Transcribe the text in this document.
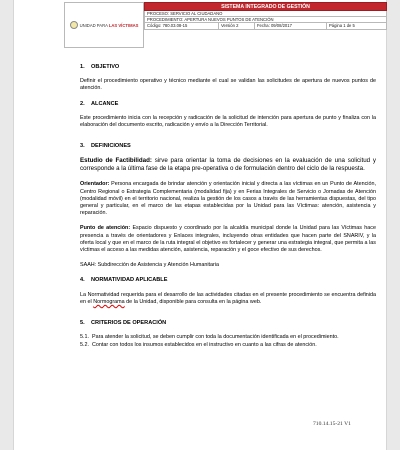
UNIDAD PARA LAS VÍCTIMAS
SISTEMA INTEGRADO DE GESTIÓN
PROCESO: SERVICIO AL CIUDADANO
PROCEDIMIENTO: APERTURA NUEVOS PUNTOS DE ATENCIÓN
Código: 780.03.08-15	Versión 2	Fecha: 09/08/2017	Página 1 de 5
1. OBJETIVO
Definir el procedimiento operativo y técnico mediante el cual se validan las solicitudes de apertura de nuevos puntos de atención.
2. ALCANCE
Este procedimiento inicia con la recepción y radicación de la solicitud de intención para apertura de punto y finaliza con la elaboración del documento escrito, radicación y envío a la Dirección Territorial.
3. DEFINICIONES
Estudio de Factibilidad: sirve para orientar la toma de decisiones en la evaluación de una solicitud y corresponde a la última fase de la etapa pre-operativa o de formulación dentro del ciclo de la respuesta.
Orientador: Persona encargada de brindar atención y orientación inicial y directa a las víctimas en un Punto de Atención, Centro Regional o Estrategia Complementaria (modalidad fija) y en Ferias Integrales de Servicio o Jornadas de Atención (modalidad móvil) en el territorio nacional, realiza la gestión de los casos a través de las herramientas dispuestas, del tipo general y particular, en el marco de las etapas establecidas por la Unidad para las Víctimas: atención, asistencia y reparación.
Punto de atención: Espacio dispuesto y coordinado por la alcaldía municipal donde la Unidad para las Víctimas hace presencia a través de orientadores y Enlaces integrales, incluyendo otras entidades que hacen parte del SNARIV, y la oferta local y que en el marco de la ruta integral el objetivo es fortalecer y generar una estrategia integral, que permita a las víctimas el acceso a las medidas atención, asistencia, reparación y el goce efectivo de sus derechos.
SAAH: Subdirección de Asistencia y Atención Humanitaria
4. NORMATIVIDAD APLICABLE
La Normatividad requerida para el desarrollo de las actividades citadas en el presente procedimiento se encuentra definida en el Normograma de la Unidad, disponible para consulta en la página web.
5. CRITERIOS DE OPERACIÓN
5.1. Para atender la solicitud, se deben cumplir con toda la documentación identificada en el procedimiento.
5.2. Contar con todos los insumos establecidos en el instructivo en cuanto a las cifras de atención.
710.14.15-21 V1
